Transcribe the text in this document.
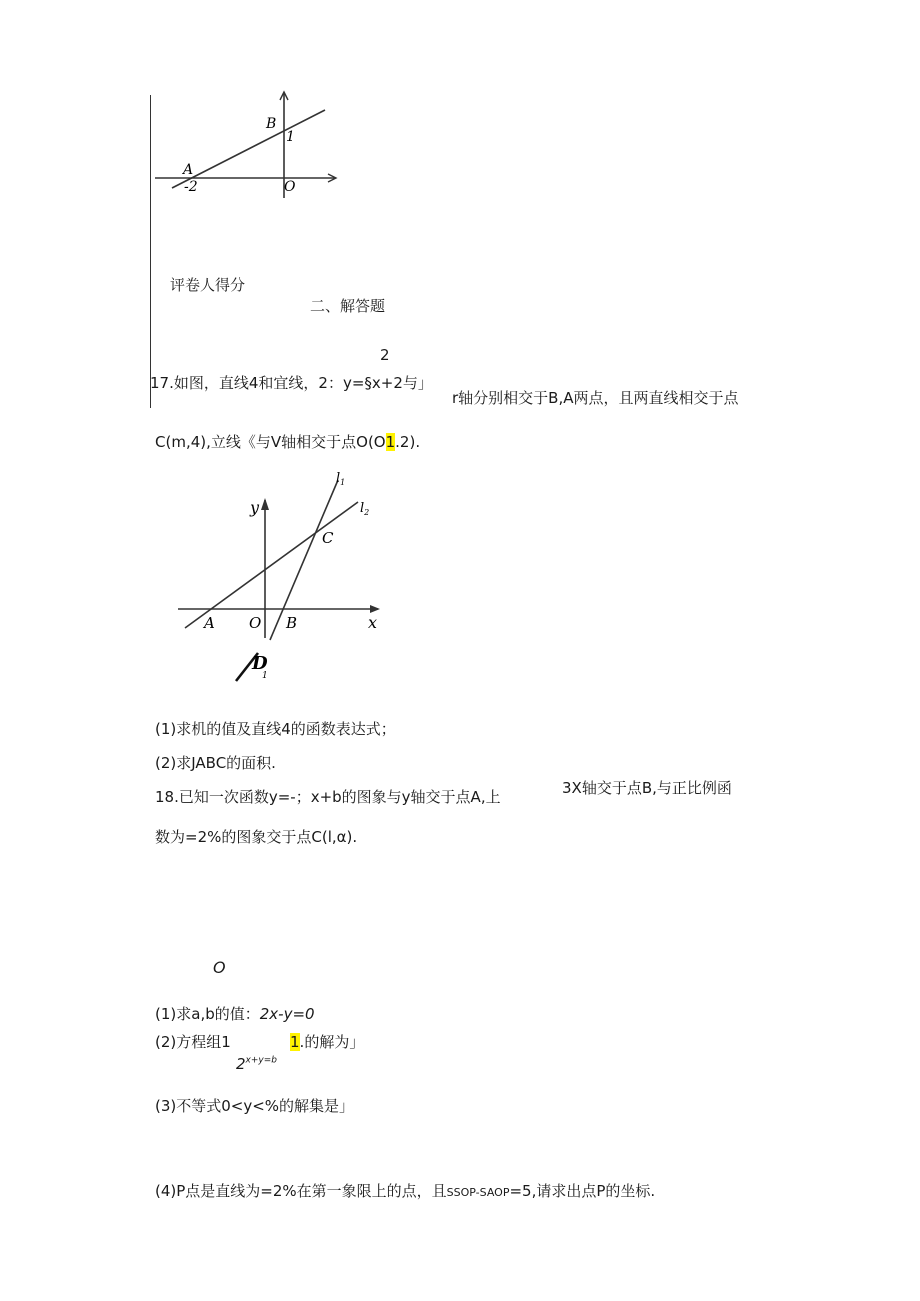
B
1
A
-2	O
评卷人得分
二、解答题
2
17.如图，直线4和宜线，2：y=§x+2与」
r轴分别相交于B,A两点，且两直线相交于点
C(m,4),立线《与V轴相交于点O(O1.2).
$l_1$
$l_2$
y
C
A O B	x
D
1
(1)求机的值及直线4的函数表达式；
(2)求JABC的面积.
18.已知一次函数y=-；x+b的图象与y轴交于点A,上	3X轴交于点B,与正比例函
数为=2%的图象交于点C(l,α).
O
(1)求a,b的值：2x-y=0
(2)方程组1	1.的解为」
$2^{x+y=b}$
(3)不等式0<y<%的解集是」
(4)P点是直线为=2%在第一象限上的点，且SSOP-SAOP=5,请求出点P的坐标.
